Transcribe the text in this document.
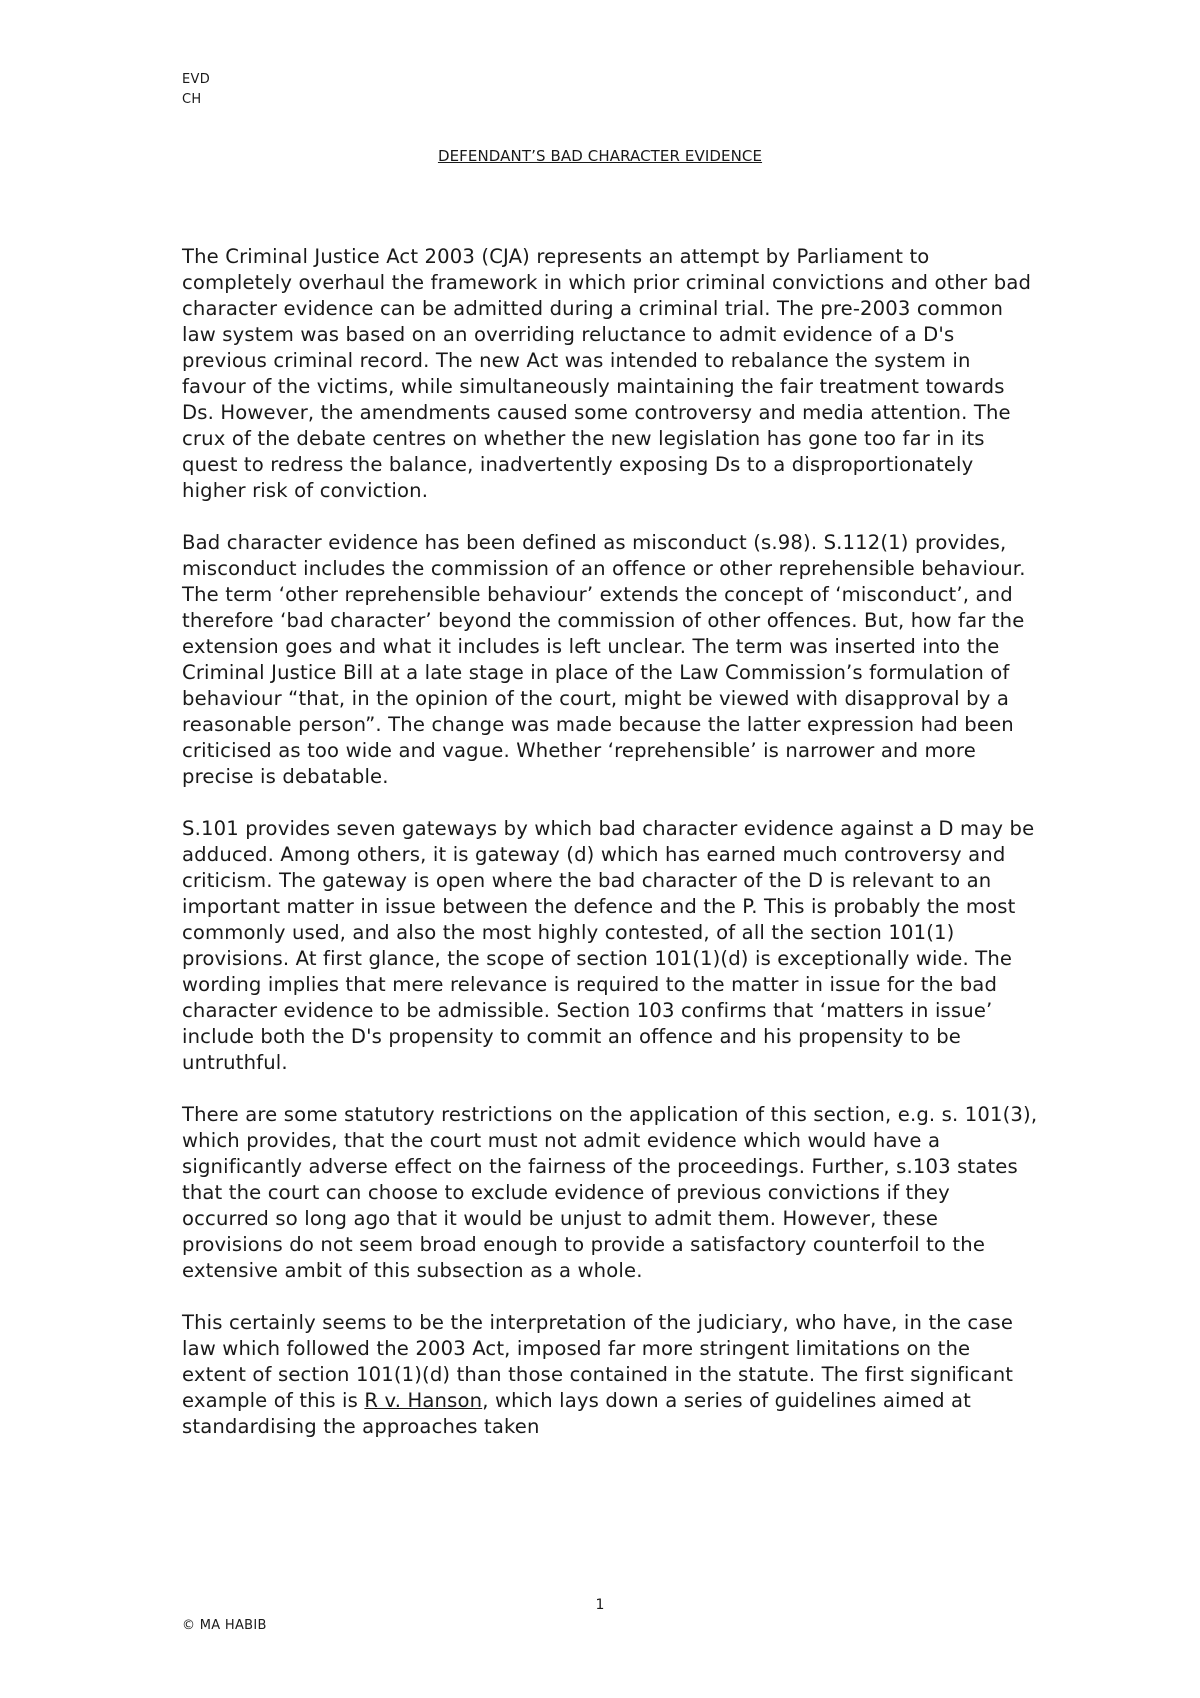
EVD
CH
DEFENDANT’S BAD CHARACTER EVIDENCE

The Criminal Justice Act 2003 (CJA) represents an attempt by Parliament to completely overhaul the framework in which prior criminal convictions and other bad character evidence can be admitted during a criminal trial. The pre-2003 common law system was based on an overriding reluctance to admit evidence of a D's previous criminal record. The new Act was intended to rebalance the system in favour of the victims, while simultaneously maintaining the fair treatment towards Ds. However, the amendments caused some controversy and media attention. The crux of the debate centres on whether the new legislation has gone too far in its quest to redress the balance, inadvertently exposing Ds to a disproportionately higher risk of conviction.

Bad character evidence has been defined as misconduct (s.98). S.112(1) provides, misconduct includes the commission of an offence or other reprehensible behaviour. The term ‘other reprehensible behaviour’ extends the concept of ‘misconduct’, and therefore ‘bad character’ beyond the commission of other offences. But, how far the extension goes and what it includes is left unclear. The term was inserted into the Criminal Justice Bill at a late stage in place of the Law Commission’s formulation of behaviour “that, in the opinion of the court, might be viewed with disapproval by a reasonable person”. The change was made because the latter expression had been criticised as too wide and vague. Whether ‘reprehensible’ is narrower and more precise is debatable.

S.101 provides seven gateways by which bad character evidence against a D may be adduced. Among others, it is gateway (d) which has earned much controversy and criticism. The gateway is open where the bad character of the D is relevant to an important matter in issue between the defence and the P. This is probably the most commonly used, and also the most highly contested, of all the section 101(1) provisions. At first glance, the scope of section 101(1)(d) is exceptionally wide. The wording implies that mere relevance is required to the matter in issue for the bad character evidence to be admissible. Section 103 confirms that ‘matters in issue’ include both the D's propensity to commit an offence and his propensity to be untruthful.

There are some statutory restrictions on the application of this section, e.g. s. 101(3), which provides, that the court must not admit evidence which would have a significantly adverse effect on the fairness of the proceedings. Further, s.103 states that the court can choose to exclude evidence of previous convictions if they occurred so long ago that it would be unjust to admit them. However, these provisions do not seem broad enough to provide a satisfactory counterfoil to the extensive ambit of this subsection as a whole.

This certainly seems to be the interpretation of the judiciary, who have, in the case law which followed the 2003 Act, imposed far more stringent limitations on the extent of section 101(1)(d) than those contained in the statute. The first significant example of this is R v. Hanson, which lays down a series of guidelines aimed at standardising the approaches taken

1
© MA HABIB
